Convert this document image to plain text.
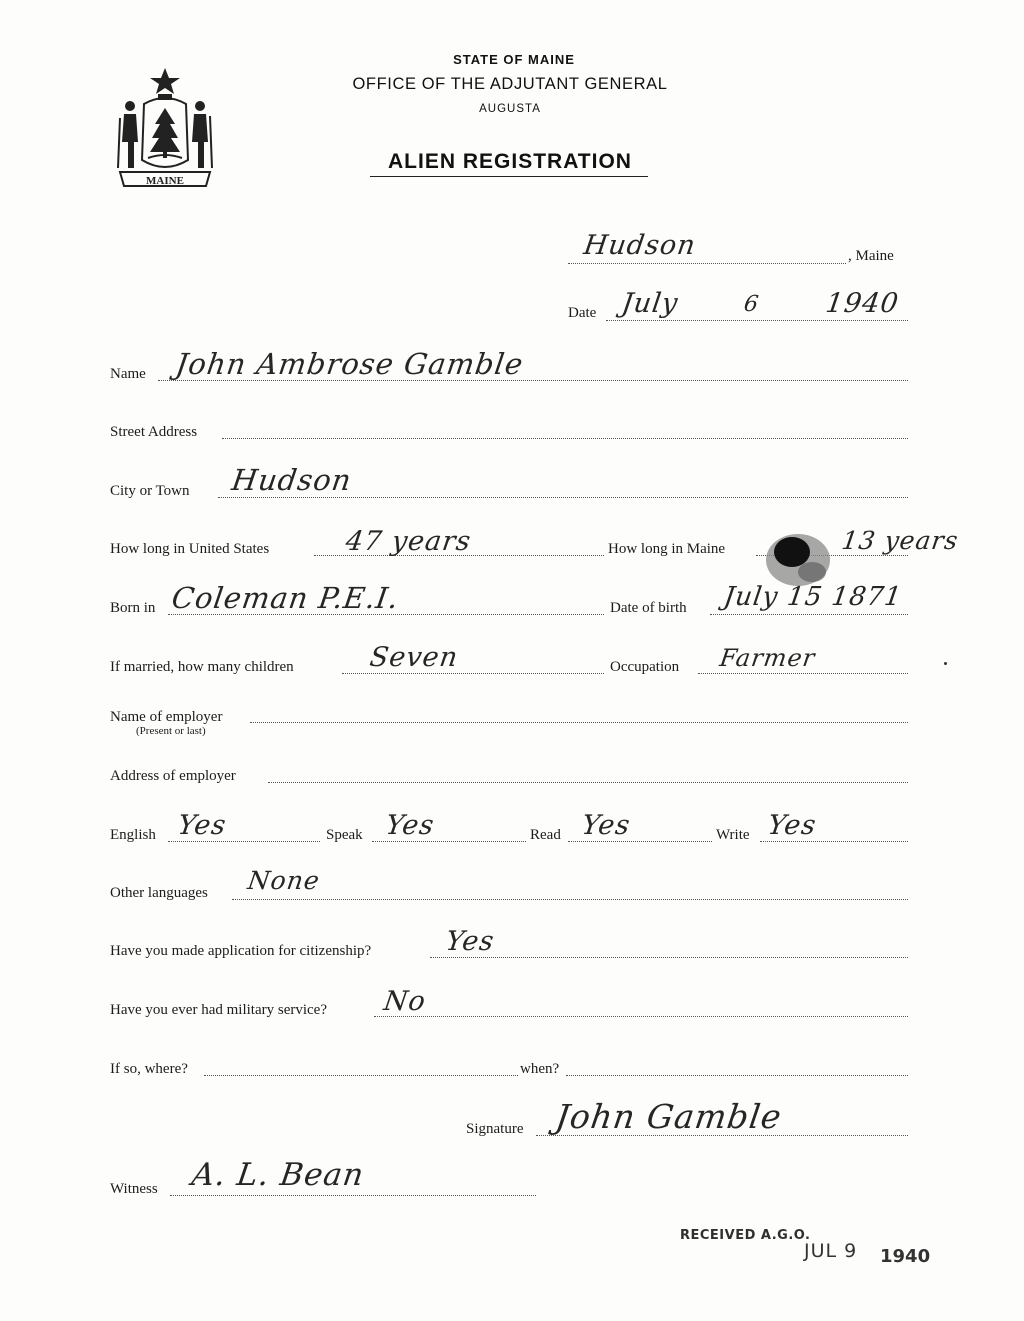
MAINE
STATE OF MAINE
OFFICE OF THE ADJUTANT GENERAL
AUGUSTA
ALIEN REGISTRATION
Hudson	, Maine
Date July	6 1940
Name John Ambrose Gamble
Street Address
City or Town Hudson
How long in United States	47 years	How long in Maine	13 years
Born in Coleman P.E.I.	Date of birth July 15 1871
If married, how many children	Seven	Occupation Farmer
Name of employer
(Present or last)
Address of employer
English Yes	Speak Yes	Read Yes	Write Yes
Other languages None
Have you made application for citizenship?	Yes
Have you ever had military service? No
If so, where?	when?
Signature John Gamble
Witness A. L. Bean
RECEIVED A.G.O.
JUL 9 1940
